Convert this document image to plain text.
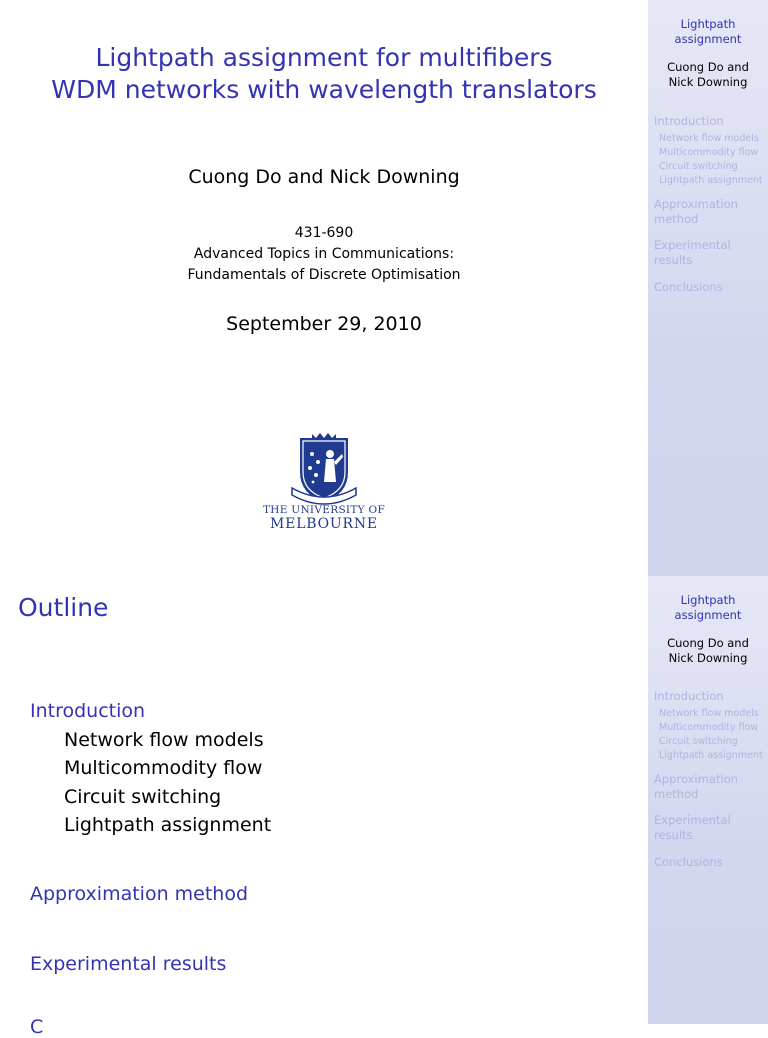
Lightpath assignment for multifibers
WDM networks with wavelength translators
Cuong Do and Nick Downing
431-690
Advanced Topics in Communications:
Fundamentals of Discrete Optimisation
September 29, 2010
THE UNIVERSITY OF
MELBOURNE
Lightpath
assignment
Cuong Do and
Nick Downing
Introduction
Network flow models
Multicommodity flow
Circuit switching
Lightpath assignment
Approximation
method
Experimental
results
Conclusions
Outline
Introduction
Network flow models
Multicommodity flow
Circuit switching
Lightpath assignment
Approximation method
Experimental results
C
Lightpath
assignment
Cuong Do and
Nick Downing
Introduction
Network flow models
Multicommodity flow
Circuit switching
Lightpath assignment
Approximation
method
Experimental
results
Conclusions
